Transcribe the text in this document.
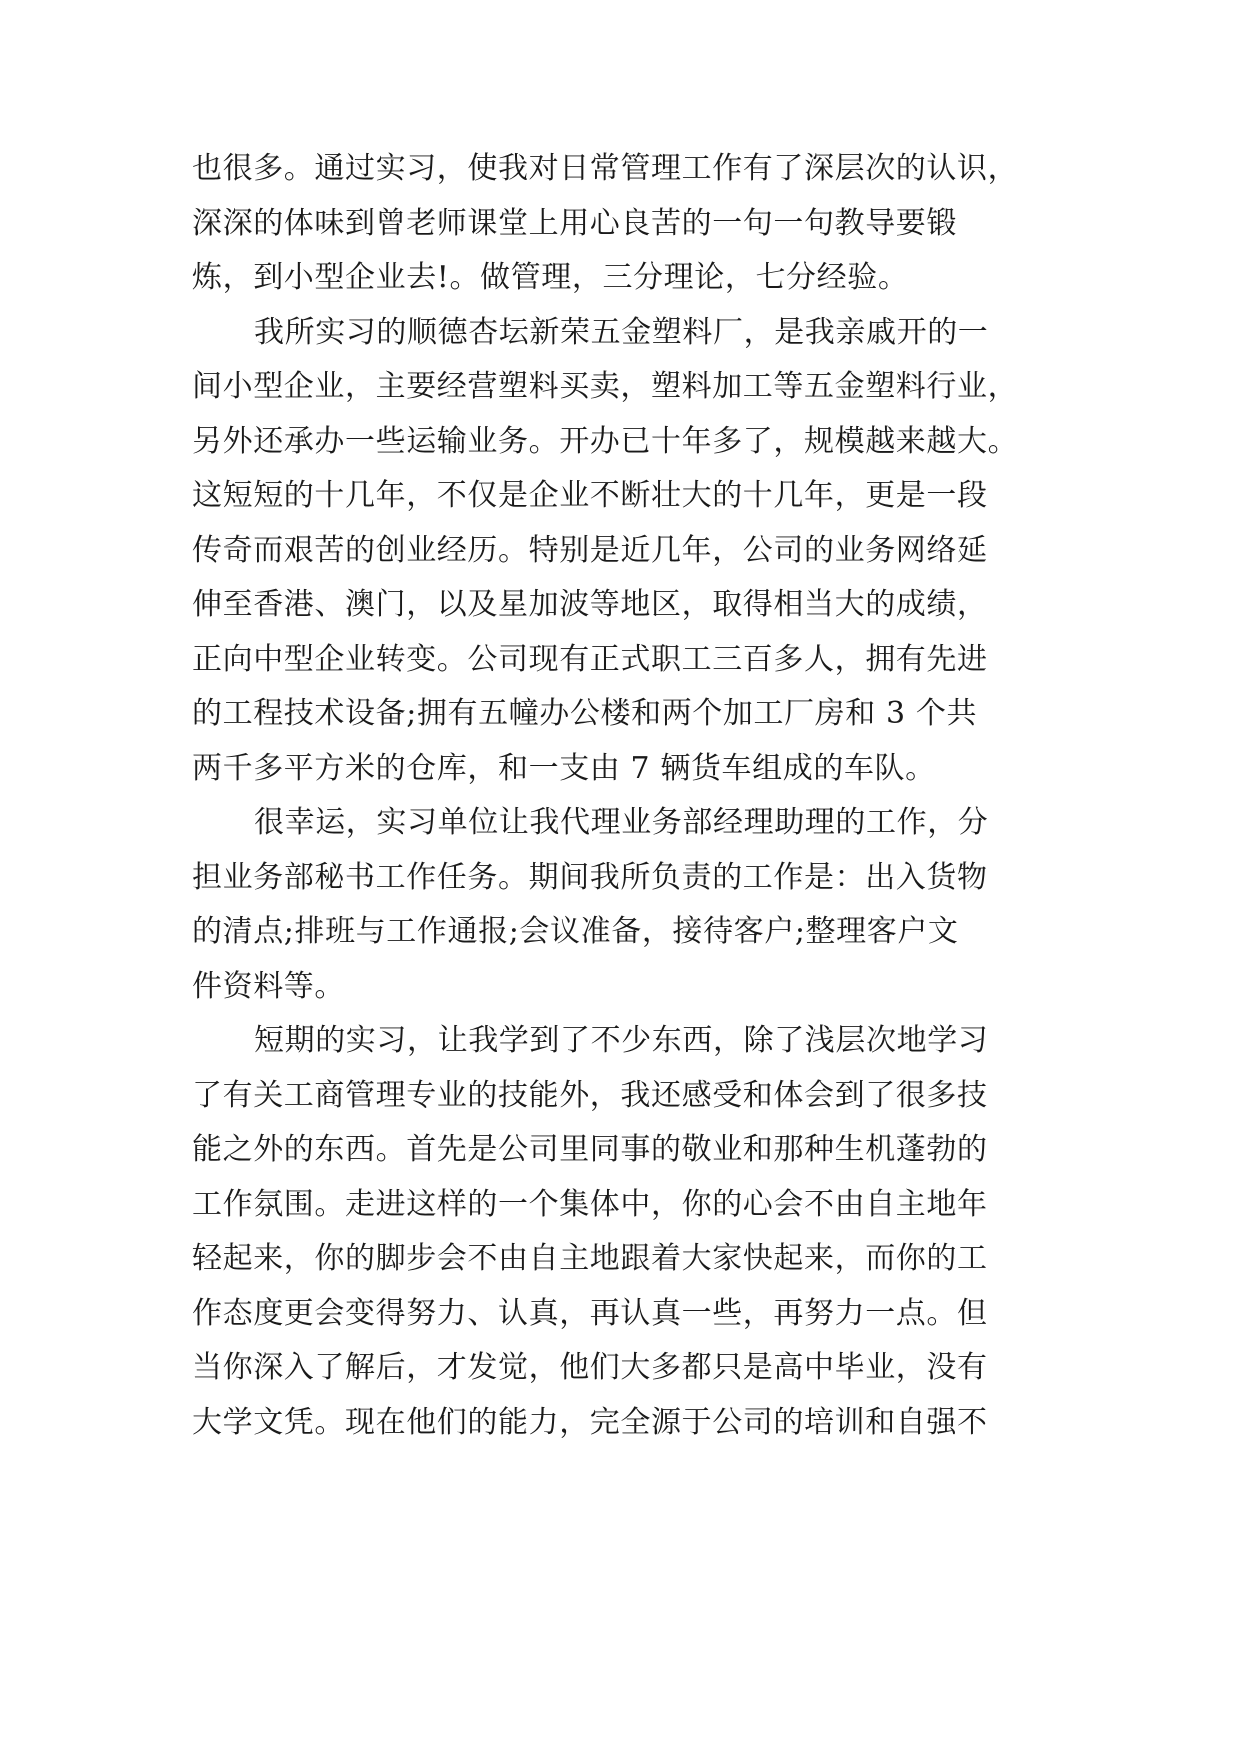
也很多。通过实习，使我对日常管理工作有了深层次的认识，
深深的体味到曾老师课堂上用心良苦的一句一句教导要锻
炼，到小型企业去!。做管理，三分理论，七分经验。
我所实习的顺德杏坛新荣五金塑料厂，是我亲戚开的一
间小型企业，主要经营塑料买卖，塑料加工等五金塑料行业，
另外还承办一些运输业务。开办已十年多了，规模越来越大。
这短短的十几年，不仅是企业不断壮大的十几年，更是一段
传奇而艰苦的创业经历。特别是近几年，公司的业务网络延
伸至香港、澳门，以及星加波等地区，取得相当大的成绩，
正向中型企业转变。公司现有正式职工三百多人，拥有先进
的工程技术设备;拥有五幢办公楼和两个加工厂房和 3 个共
两千多平方米的仓库，和一支由 7 辆货车组成的车队。
很幸运，实习单位让我代理业务部经理助理的工作，分
担业务部秘书工作任务。期间我所负责的工作是：出入货物
的清点;排班与工作通报;会议准备，接待客户;整理客户文
件资料等。
短期的实习，让我学到了不少东西，除了浅层次地学习
了有关工商管理专业的技能外，我还感受和体会到了很多技
能之外的东西。首先是公司里同事的敬业和那种生机蓬勃的
工作氛围。走进这样的一个集体中，你的心会不由自主地年
轻起来，你的脚步会不由自主地跟着大家快起来，而你的工
作态度更会变得努力、认真，再认真一些，再努力一点。但
当你深入了解后，才发觉，他们大多都只是高中毕业，没有
大学文凭。现在他们的能力，完全源于公司的培训和自强不
